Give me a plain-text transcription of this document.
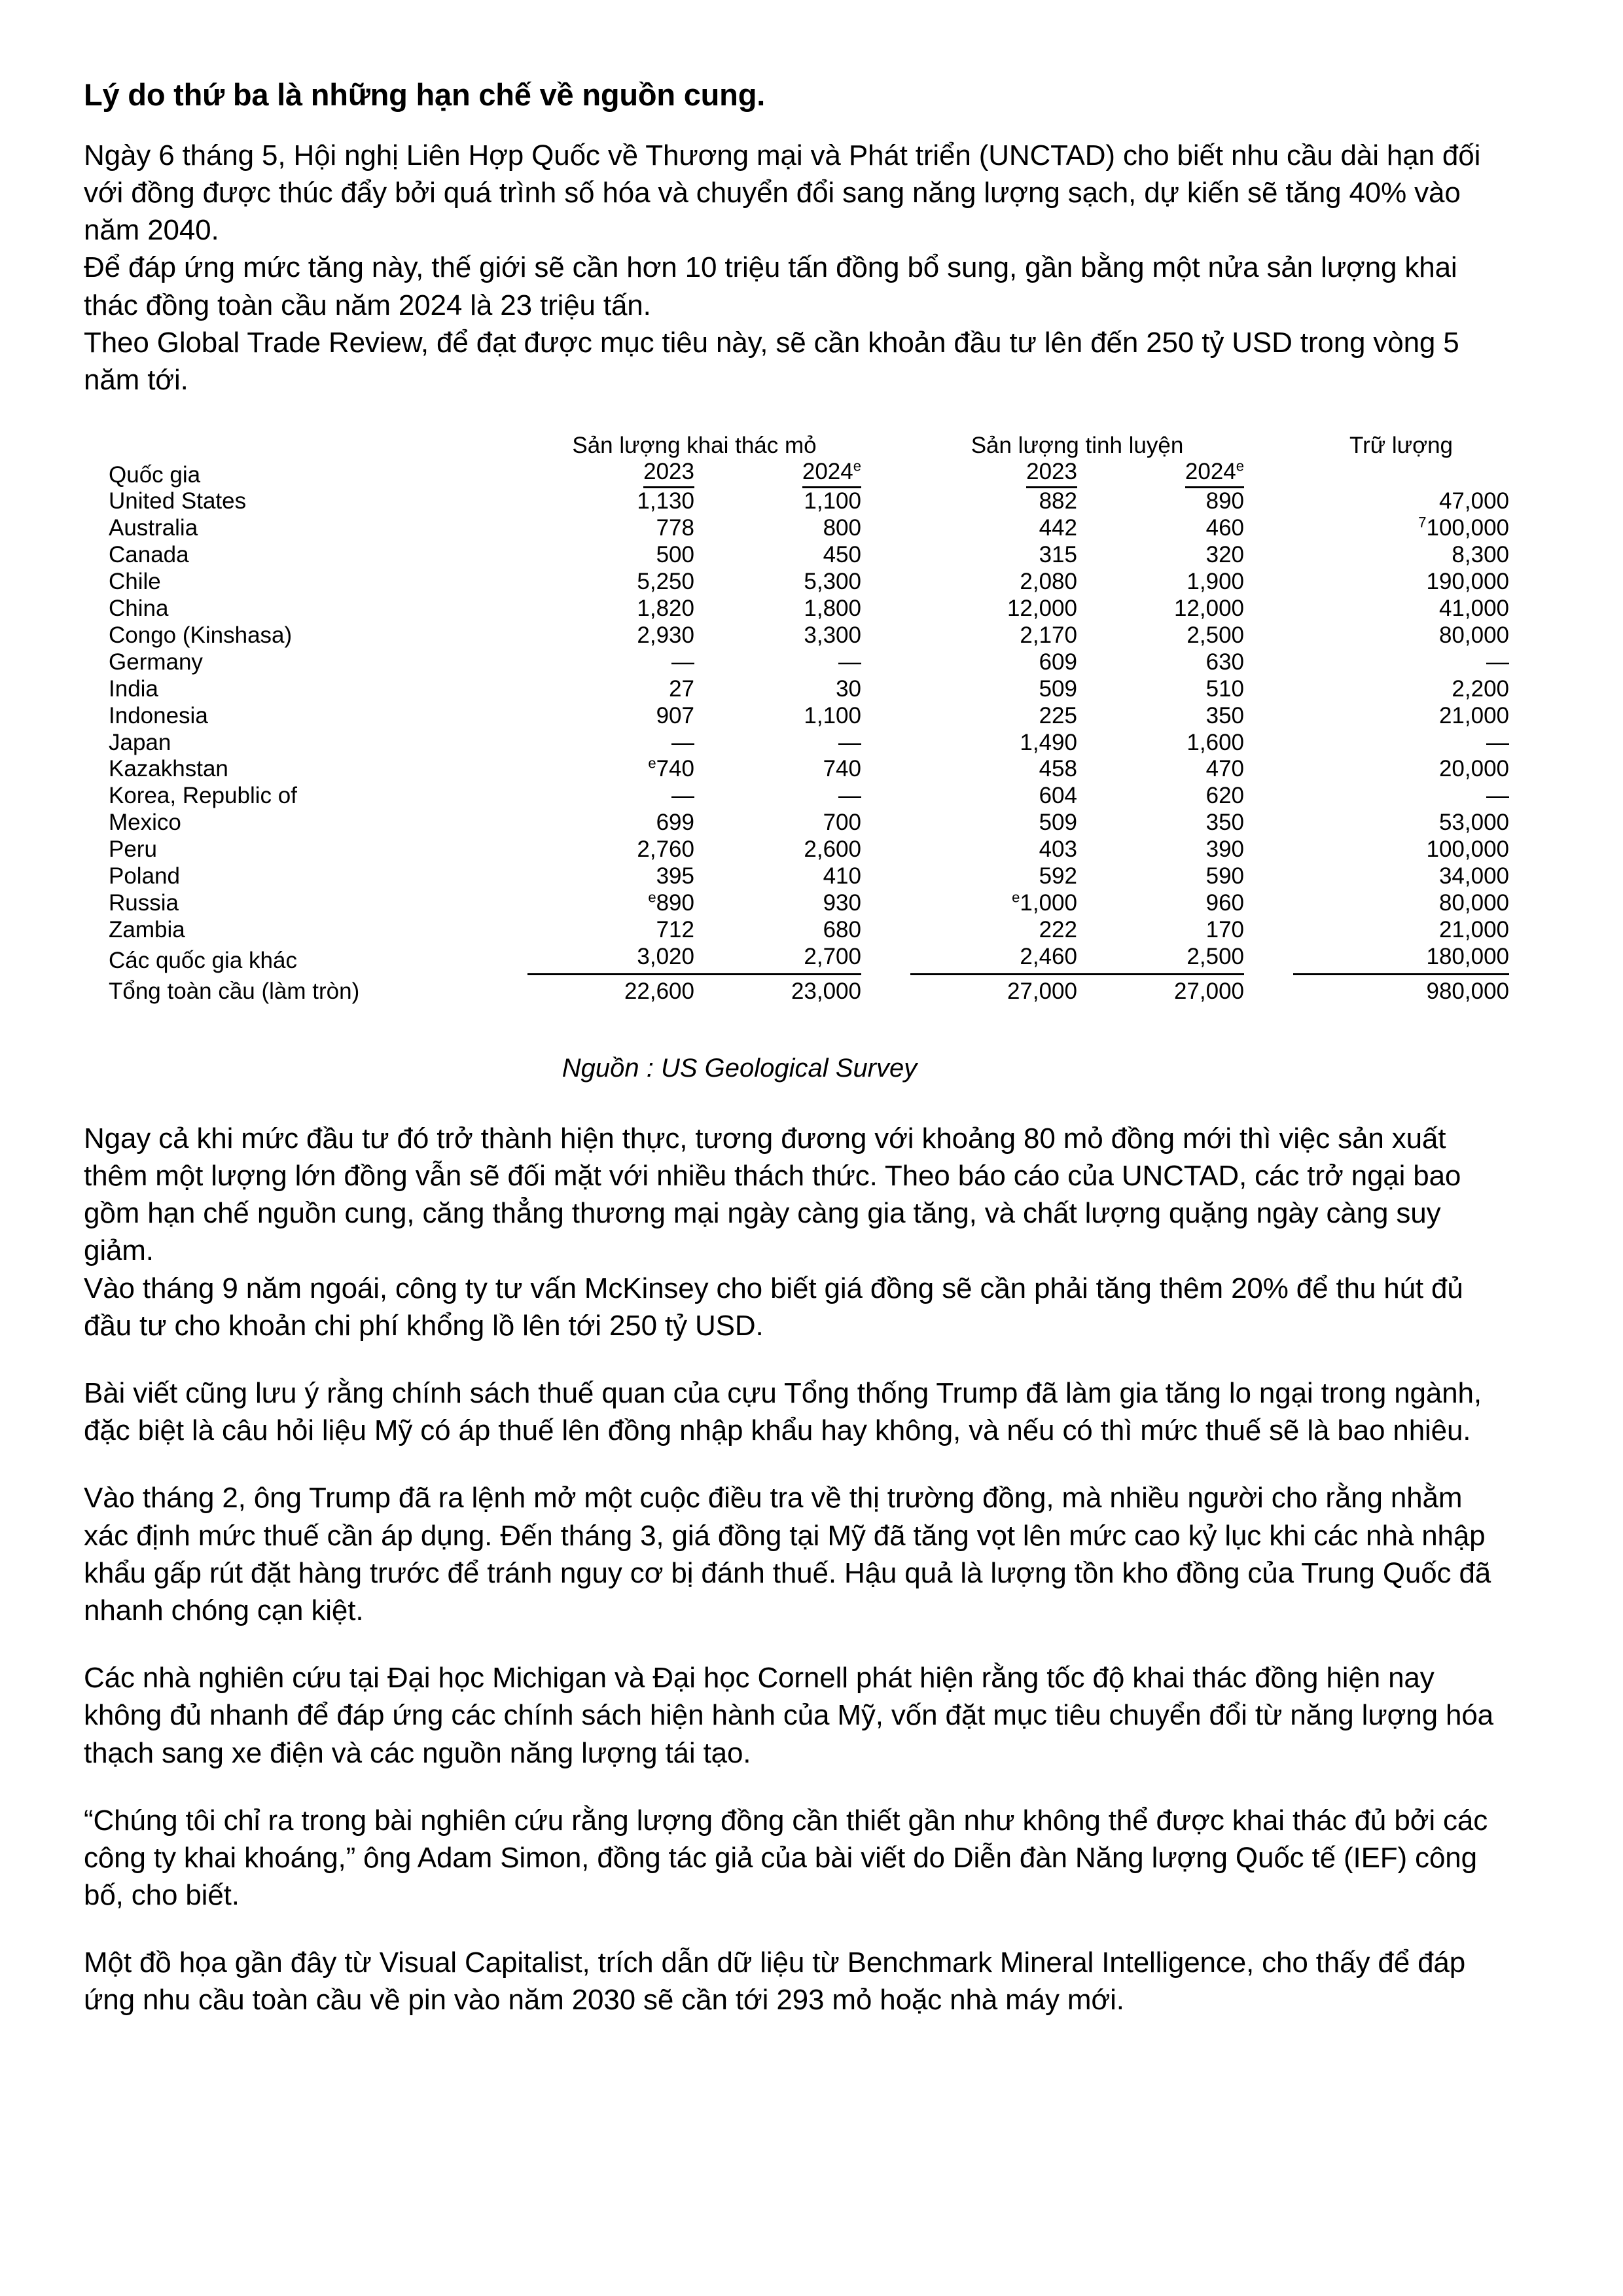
Lý do thứ ba là những hạn chế về nguồn cung.

Ngày 6 tháng 5, Hội nghị Liên Hợp Quốc về Thương mại và Phát triển (UNCTAD) cho biết nhu cầu dài hạn đối với đồng được thúc đẩy bởi quá trình số hóa và chuyển đổi sang năng lượng sạch, dự kiến sẽ tăng 40% vào năm 2040.

Để đáp ứng mức tăng này, thế giới sẽ cần hơn 10 triệu tấn đồng bổ sung, gần bằng một nửa sản lượng khai thác đồng toàn cầu năm 2024 là 23 triệu tấn.

Theo Global Trade Review, để đạt được mục tiêu này, sẽ cần khoản đầu tư lên đến 250 tỷ USD trong vòng 5 năm tới.

Quốc gia	Sản lượng khai thác mỏ			Sản lượng tinh luyện			Trữ lượng
	2023	2024e		2023	2024e		
United States	1,130	1,100		882	890		47,000
Australia	778	800		442	460		$^7$100,000
Canada	500	450		315	320		8,300
Chile	5,250	5,300		2,080	1,900		190,000
China	1,820	1,800		12,000	12,000		41,000
Congo (Kinshasa)	2,930	3,300		2,170	2,500		80,000
Germany	—	—		609	630		—
India	27	30		509	510		2,200
Indonesia	907	1,100		225	350		21,000
Japan	—	—		1,490	1,600		—
Kazakhstan	$^e$740	740		458	470		20,000
Korea, Republic of	—	—		604	620		—
Mexico	699	700		509	350		53,000
Peru	2,760	2,600		403	390		100,000
Poland	395	410		592	590		34,000
Russia	$^e$890	930		$^e$1,000	960		80,000
Zambia	712	680		222	170		21,000
Các quốc gia khác	3,020	2,700		2,460	2,500		180,000
Tổng toàn cầu (làm tròn)	22,600	23,000		27,000	27,000		980,000
Nguồn : US Geological Survey

Ngay cả khi mức đầu tư đó trở thành hiện thực, tương đương với khoảng 80 mỏ đồng mới thì việc sản xuất thêm một lượng lớn đồng vẫn sẽ đối mặt với nhiều thách thức. Theo báo cáo của UNCTAD, các trở ngại bao gồm hạn chế nguồn cung, căng thẳng thương mại ngày càng gia tăng, và chất lượng quặng ngày càng suy giảm.

Vào tháng 9 năm ngoái, công ty tư vấn McKinsey cho biết giá đồng sẽ cần phải tăng thêm 20% để thu hút đủ đầu tư cho khoản chi phí khổng lồ lên tới 250 tỷ USD.

Bài viết cũng lưu ý rằng chính sách thuế quan của cựu Tổng thống Trump đã làm gia tăng lo ngại trong ngành, đặc biệt là câu hỏi liệu Mỹ có áp thuế lên đồng nhập khẩu hay không, và nếu có thì mức thuế sẽ là bao nhiêu.

Vào tháng 2, ông Trump đã ra lệnh mở một cuộc điều tra về thị trường đồng, mà nhiều người cho rằng nhằm xác định mức thuế cần áp dụng. Đến tháng 3, giá đồng tại Mỹ đã tăng vọt lên mức cao kỷ lục khi các nhà nhập khẩu gấp rút đặt hàng trước để tránh nguy cơ bị đánh thuế. Hậu quả là lượng tồn kho đồng của Trung Quốc đã nhanh chóng cạn kiệt.

Các nhà nghiên cứu tại Đại học Michigan và Đại học Cornell phát hiện rằng tốc độ khai thác đồng hiện nay không đủ nhanh để đáp ứng các chính sách hiện hành của Mỹ, vốn đặt mục tiêu chuyển đổi từ năng lượng hóa thạch sang xe điện và các nguồn năng lượng tái tạo.

“Chúng tôi chỉ ra trong bài nghiên cứu rằng lượng đồng cần thiết gần như không thể được khai thác đủ bởi các công ty khai khoáng,” ông Adam Simon, đồng tác giả của bài viết do Diễn đàn Năng lượng Quốc tế (IEF) công bố, cho biết.

Một đồ họa gần đây từ Visual Capitalist, trích dẫn dữ liệu từ Benchmark Mineral Intelligence, cho thấy để đáp ứng nhu cầu toàn cầu về pin vào năm 2030 sẽ cần tới 293 mỏ hoặc nhà máy mới.
